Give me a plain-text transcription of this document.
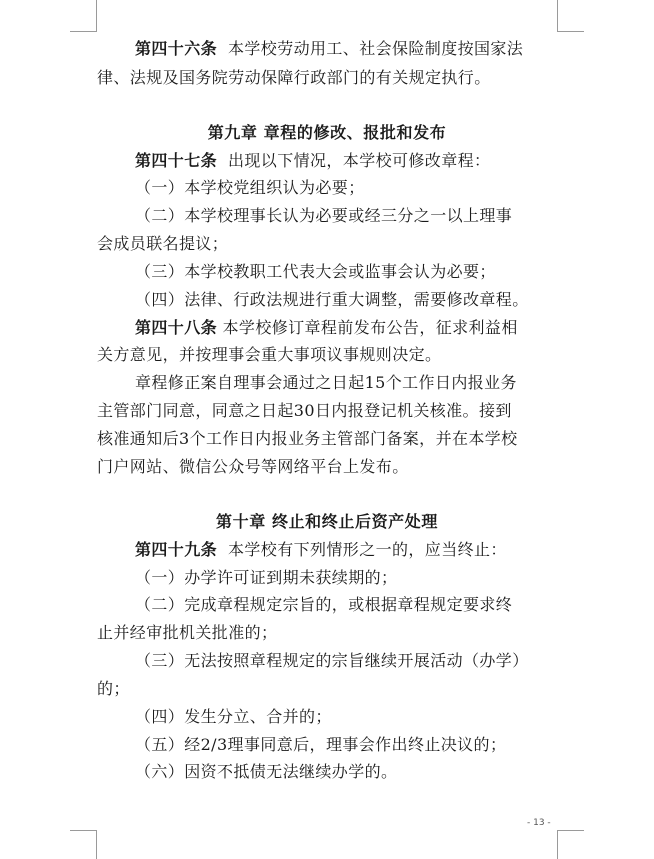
第四十六条 本学校劳动用工、社会保险制度按国家法
律、法规及国务院劳动保障行政部门的有关规定执行。
第九章 章程的修改、报批和发布
第四十七条 出现以下情况，本学校可修改章程：
（一）本学校党组织认为必要；
（二）本学校理事长认为必要或经三分之一以上理事
会成员联名提议；
（三）本学校教职工代表大会或监事会认为必要；
（四）法律、行政法规进行重大调整，需要修改章程。
第四十八条 本学校修订章程前发布公告，征求利益相
关方意见，并按理事会重大事项议事规则决定。
章程修正案自理事会通过之日起15个工作日内报业务
主管部门同意，同意之日起30日内报登记机关核准。接到
核准通知后3个工作日内报业务主管部门备案，并在本学校
门户网站、微信公众号等网络平台上发布。
第十章 终止和终止后资产处理
第四十九条 本学校有下列情形之一的，应当终止：
（一）办学许可证到期未获续期的；
（二）完成章程规定宗旨的，或根据章程规定要求终
止并经审批机关批准的；
（三）无法按照章程规定的宗旨继续开展活动（办学）
的；
（四）发生分立、合并的；
（五）经2/3理事同意后，理事会作出终止决议的；
（六）因资不抵债无法继续办学的。
- 13 -
